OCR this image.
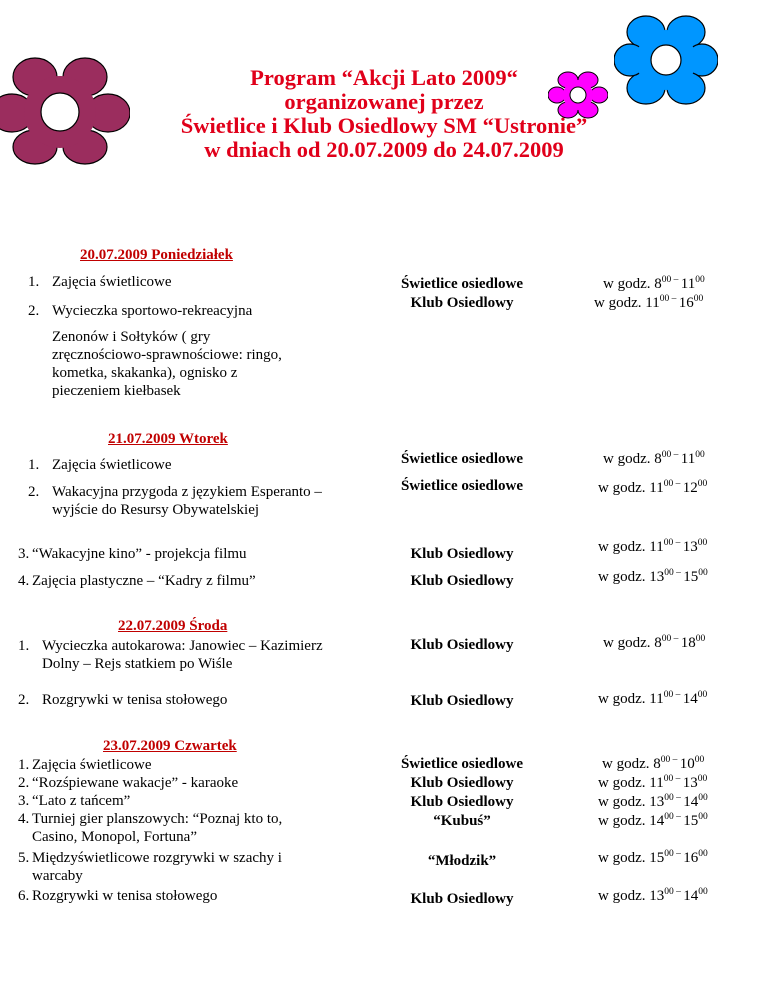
Program “Akcji Lato 2009“
organizowanej przez
Świetlice i Klub Osiedlowy SM “Ustronie”
w dniach od 20.07.2009 do 24.07.2009
20.07.2009 Poniedziałek
1. Zajęcia świetlicowe
2. Wycieczka sportowo-rekreacyjna
Zenonów i Sołtyków ( gry zręcznościowo-sprawnościowe: ringo, kometka, skakanka), ognisko z pieczeniem kiełbasek
Świetlice osiedlowe
Klub Osiedlowy
w godz. $8^{00 -}$ $11^{00}$
w godz. $11^{00 -}$ $16^{00}$
21.07.2009 Wtorek
1. Zajęcia świetlicowe
2. Wakacyjna przygoda z językiem Esperanto – wyjście do Resursy Obywatelskiej
3. “Wakacyjne kino” - projekcja filmu
4. Zajęcia plastyczne – “Kadry z filmu”
Świetlice osiedlowe
Świetlice osiedlowe
Klub Osiedlowy
Klub Osiedlowy
w godz. $8^{00 -}$ $11^{00}$
w godz. $11^{00 -}$ $12^{00}$
w godz. $11^{00 -}$ $13^{00}$
w godz. $13^{00 -}$ $15^{00}$
22.07.2009 Środa
1. Wycieczka autokarowa: Janowiec – Kazimierz Dolny – Rejs statkiem po Wiśle
2. Rozgrywki w tenisa stołowego
Klub Osiedlowy
Klub Osiedlowy
w godz. $8^{00 -}$ $18^{00}$
w godz. $11^{00 -}$ $14^{00}$
23.07.2009 Czwartek
1. Zajęcia świetlicowe
2. “Rozśpiewane wakacje” - karaoke
3. “Lato z tańcem”
4. Turniej gier planszowych: “Poznaj kto to, Casino, Monopol, Fortuna”
5. Międzyświetlicowe rozgrywki w szachy i warcaby
6. Rozgrywki w tenisa stołowego
Świetlice osiedlowe
Klub Osiedlowy
Klub Osiedlowy
“Kubuś”
“Młodzik”
Klub Osiedlowy
w godz. $8^{00 -}$ $10^{00}$
w godz. $11^{00 -}$ $13^{00}$
w godz. $13^{00 -}$ $14^{00}$
w godz. $14^{00 -}$ $15^{00}$
w godz. $15^{00 -}$ $16^{00}$
w godz. $13^{00 -}$ $14^{00}$
